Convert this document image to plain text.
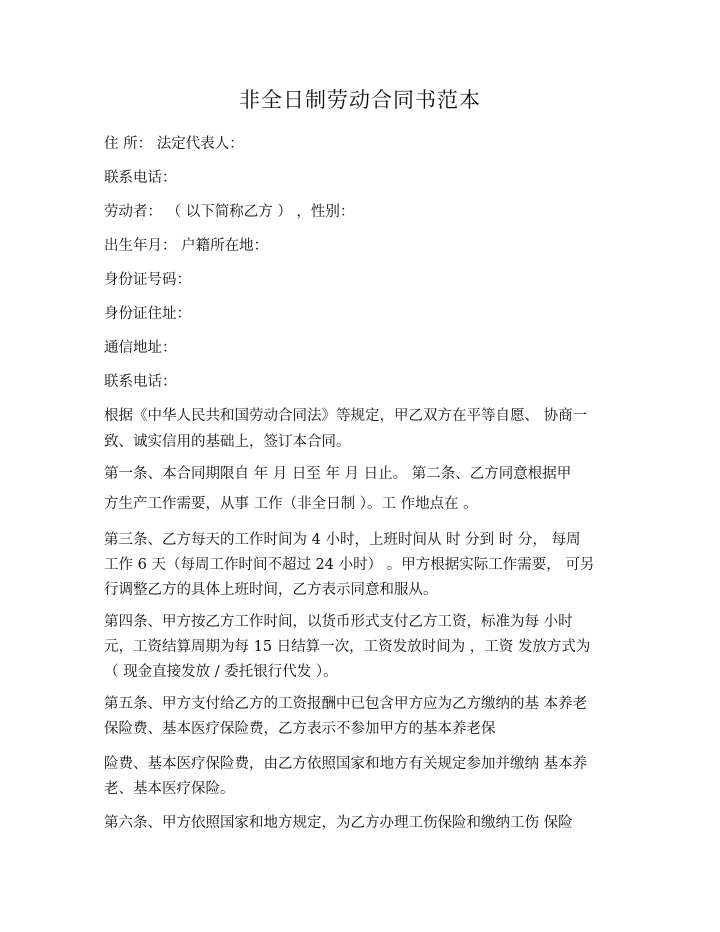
非全日制劳动合同书范本
住 所： 法定代表人：
联系电话：
劳动者： （ 以下简称乙方 ） ，性别：
出生年月： 户籍所在地：
身份证号码：
身份证住址：
通信地址：
联系电话：
根据《中华人民共和国劳动合同法》等规定，甲乙双方在平等自愿、 协商一
致、诚实信用的基础上，签订本合同。
第一条、本合同期限自 年 月 日至 年 月 日止。 第二条、乙方同意根据甲
方生产工作需要，从事 工作（非全日制 ）。工 作地点在 。
第三条、乙方每天的工作时间为 4 小时，上班时间从 时 分到 时 分， 每周
工作 6 天（每周工作时间不超过 24 小时） 。甲方根据实际工作需要， 可另
行调整乙方的具体上班时间，乙方表示同意和服从。
第四条、甲方按乙方工作时间，以货币形式支付乙方工资，标准为每 小时
元，工资结算周期为每 15 日结算一次，工资发放时间为 ，工资 发放方式为
（ 现金直接发放 / 委托银行代发 ）。
第五条、甲方支付给乙方的工资报酬中已包含甲方应为乙方缴纳的基 本养老
保险费、基本医疗保险费，乙方表示不参加甲方的基本养老保
险费、基本医疗保险费，由乙方依照国家和地方有关规定参加并缴纳 基本养
老、基本医疗保险。
第六条、甲方依照国家和地方规定，为乙方办理工伤保险和缴纳工伤 保险
